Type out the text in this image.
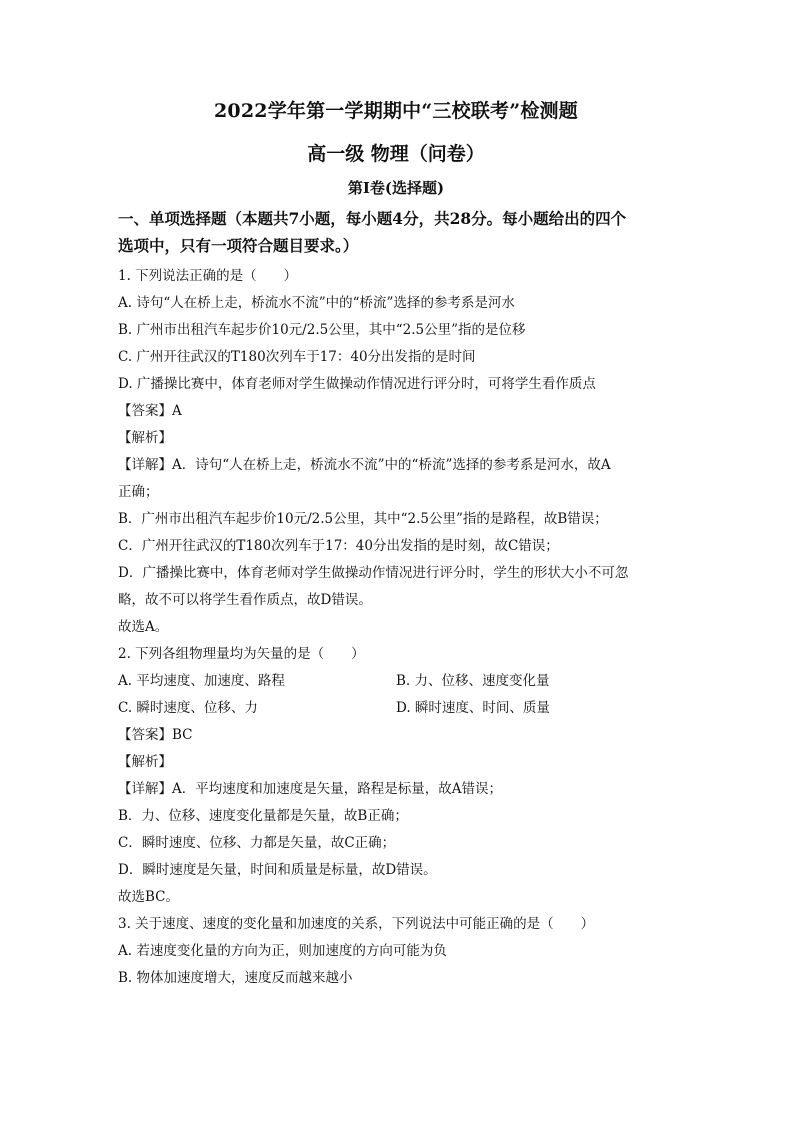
2022学年第一学期期中“三校联考”检测题
高一级 物理（问卷）
第I卷(选择题)
一、单项选择题（本题共7小题，每小题4分，共28分。每小题给出的四个
选项中，只有一项符合题目要求。）
1. 下列说法正确的是（　　）
A. 诗句“人在桥上走，桥流水不流”中的“桥流”选择的参考系是河水
B. 广州市出租汽车起步价10元/2.5公里，其中“2.5公里”指的是位移
C. 广州开往武汉的T180次列车于17：40分出发指的是时间
D. 广播操比赛中，体育老师对学生做操动作情况进行评分时，可将学生看作质点
【答案】A
【解析】
【详解】A．诗句“人在桥上走，桥流水不流”中的“桥流”选择的参考系是河水，故A
正确；
B．广州市出租汽车起步价10元/2.5公里，其中“2.5公里”指的是路程，故B错误；
C．广州开往武汉的T180次列车于17：40分出发指的是时刻，故C错误；
D．广播操比赛中，体育老师对学生做操动作情况进行评分时，学生的形状大小不可忽
略，故不可以将学生看作质点，故D错误。
故选A。
2. 下列各组物理量均为矢量的是（　　）
A. 平均速度、加速度、路程	B. 力、位移、速度变化量
C. 瞬时速度、位移、力	D. 瞬时速度、时间、质量
【答案】BC
【解析】
【详解】A．平均速度和加速度是矢量，路程是标量，故A错误；
B．力、位移、速度变化量都是矢量，故B正确；
C．瞬时速度、位移、力都是矢量，故C正确；
D．瞬时速度是矢量，时间和质量是标量，故D错误。
故选BC。
3. 关于速度、速度的变化量和加速度的关系，下列说法中可能正确的是（　　）
A. 若速度变化量的方向为正，则加速度的方向可能为负
B. 物体加速度增大，速度反而越来越小
